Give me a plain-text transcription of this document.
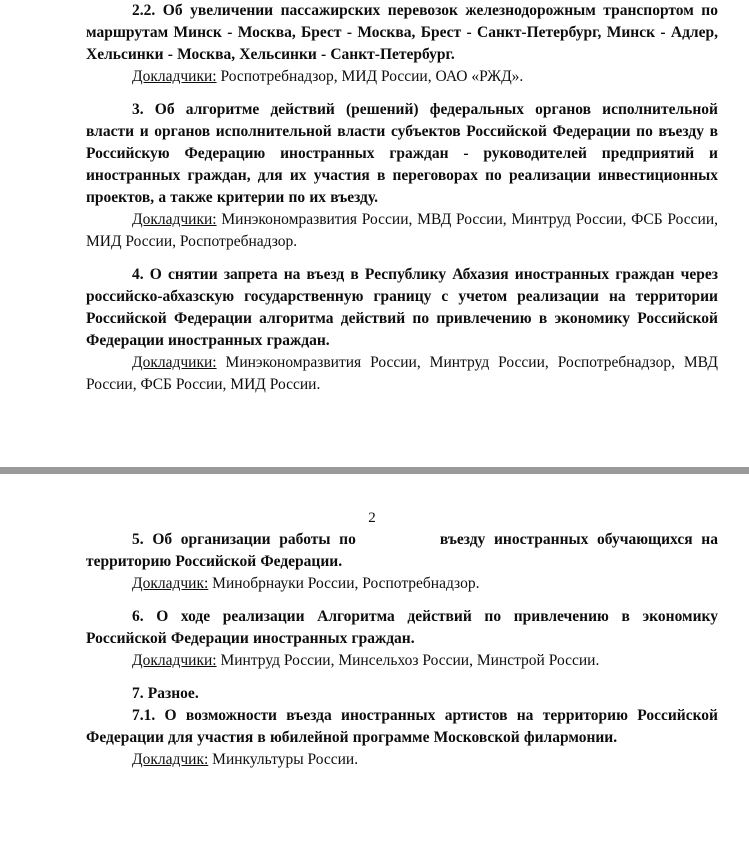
2.2. Об увеличении пассажирских перевозок железнодорожным транспортом по маршрутам Минск - Москва, Брест - Москва, Брест - Санкт-Петербург, Минск - Адлер, Хельсинки - Москва, Хельсинки - Санкт-Петербург.

Докладчики: Роспотребнадзор, МИД России, ОАО «РЖД».

3. Об алгоритме действий (решений) федеральных органов исполнительной власти и органов исполнительной власти субъектов Российской Федерации по въезду в Российскую Федерацию иностранных граждан - руководителей предприятий и иностранных граждан, для их участия в переговорах по реализации инвестиционных проектов, а также критерии по их въезду.

Докладчики: Минэкономразвития России, МВД России, Минтруд России, ФСБ России, МИД России, Роспотребнадзор.

4. О снятии запрета на въезд в Республику Абхазия иностранных граждан через российско-абхазскую государственную границу с учетом реализации на территории Российской Федерации алгоритма действий по привлечению в экономику Российской Федерации иностранных граждан.

Докладчики: Минэкономразвития России, Минтруд России, Роспотребнадзор, МВД России, ФСБ России, МИД России.

2

5. Об организации работы по	въезду иностранных обучающихся на территорию Российской Федерации.

Докладчик: Минобрнауки России, Роспотребнадзор.

6. О ходе реализации Алгоритма действий по привлечению в экономику Российской Федерации иностранных граждан.

Докладчики: Минтруд России, Минсельхоз России, Минстрой России.

7. Разное.

7.1. О возможности въезда иностранных артистов на территорию Российской Федерации для участия в юбилейной программе Московской филармонии.

Докладчик: Минкультуры России.
